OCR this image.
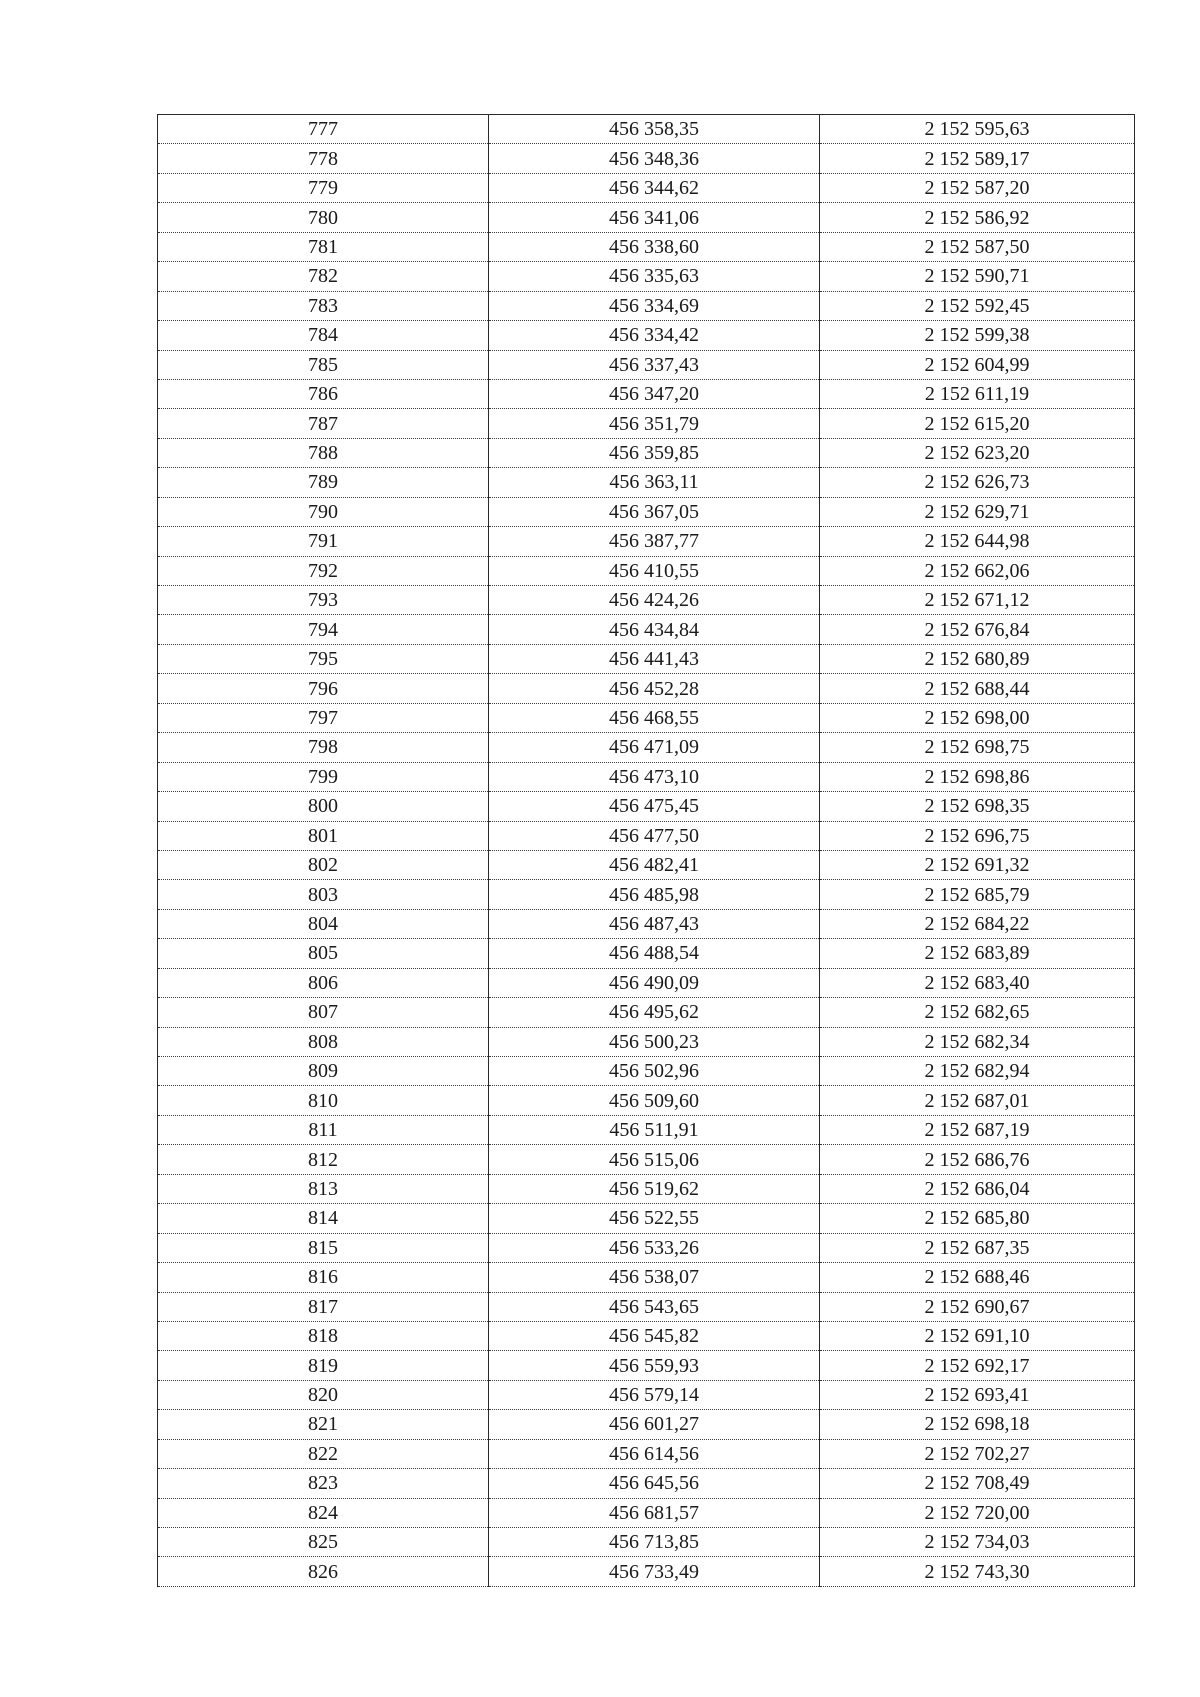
777	456 358,35	2 152 595,63
778	456 348,36	2 152 589,17
779	456 344,62	2 152 587,20
780	456 341,06	2 152 586,92
781	456 338,60	2 152 587,50
782	456 335,63	2 152 590,71
783	456 334,69	2 152 592,45
784	456 334,42	2 152 599,38
785	456 337,43	2 152 604,99
786	456 347,20	2 152 611,19
787	456 351,79	2 152 615,20
788	456 359,85	2 152 623,20
789	456 363,11	2 152 626,73
790	456 367,05	2 152 629,71
791	456 387,77	2 152 644,98
792	456 410,55	2 152 662,06
793	456 424,26	2 152 671,12
794	456 434,84	2 152 676,84
795	456 441,43	2 152 680,89
796	456 452,28	2 152 688,44
797	456 468,55	2 152 698,00
798	456 471,09	2 152 698,75
799	456 473,10	2 152 698,86
800	456 475,45	2 152 698,35
801	456 477,50	2 152 696,75
802	456 482,41	2 152 691,32
803	456 485,98	2 152 685,79
804	456 487,43	2 152 684,22
805	456 488,54	2 152 683,89
806	456 490,09	2 152 683,40
807	456 495,62	2 152 682,65
808	456 500,23	2 152 682,34
809	456 502,96	2 152 682,94
810	456 509,60	2 152 687,01
811	456 511,91	2 152 687,19
812	456 515,06	2 152 686,76
813	456 519,62	2 152 686,04
814	456 522,55	2 152 685,80
815	456 533,26	2 152 687,35
816	456 538,07	2 152 688,46
817	456 543,65	2 152 690,67
818	456 545,82	2 152 691,10
819	456 559,93	2 152 692,17
820	456 579,14	2 152 693,41
821	456 601,27	2 152 698,18
822	456 614,56	2 152 702,27
823	456 645,56	2 152 708,49
824	456 681,57	2 152 720,00
825	456 713,85	2 152 734,03
826	456 733,49	2 152 743,30
